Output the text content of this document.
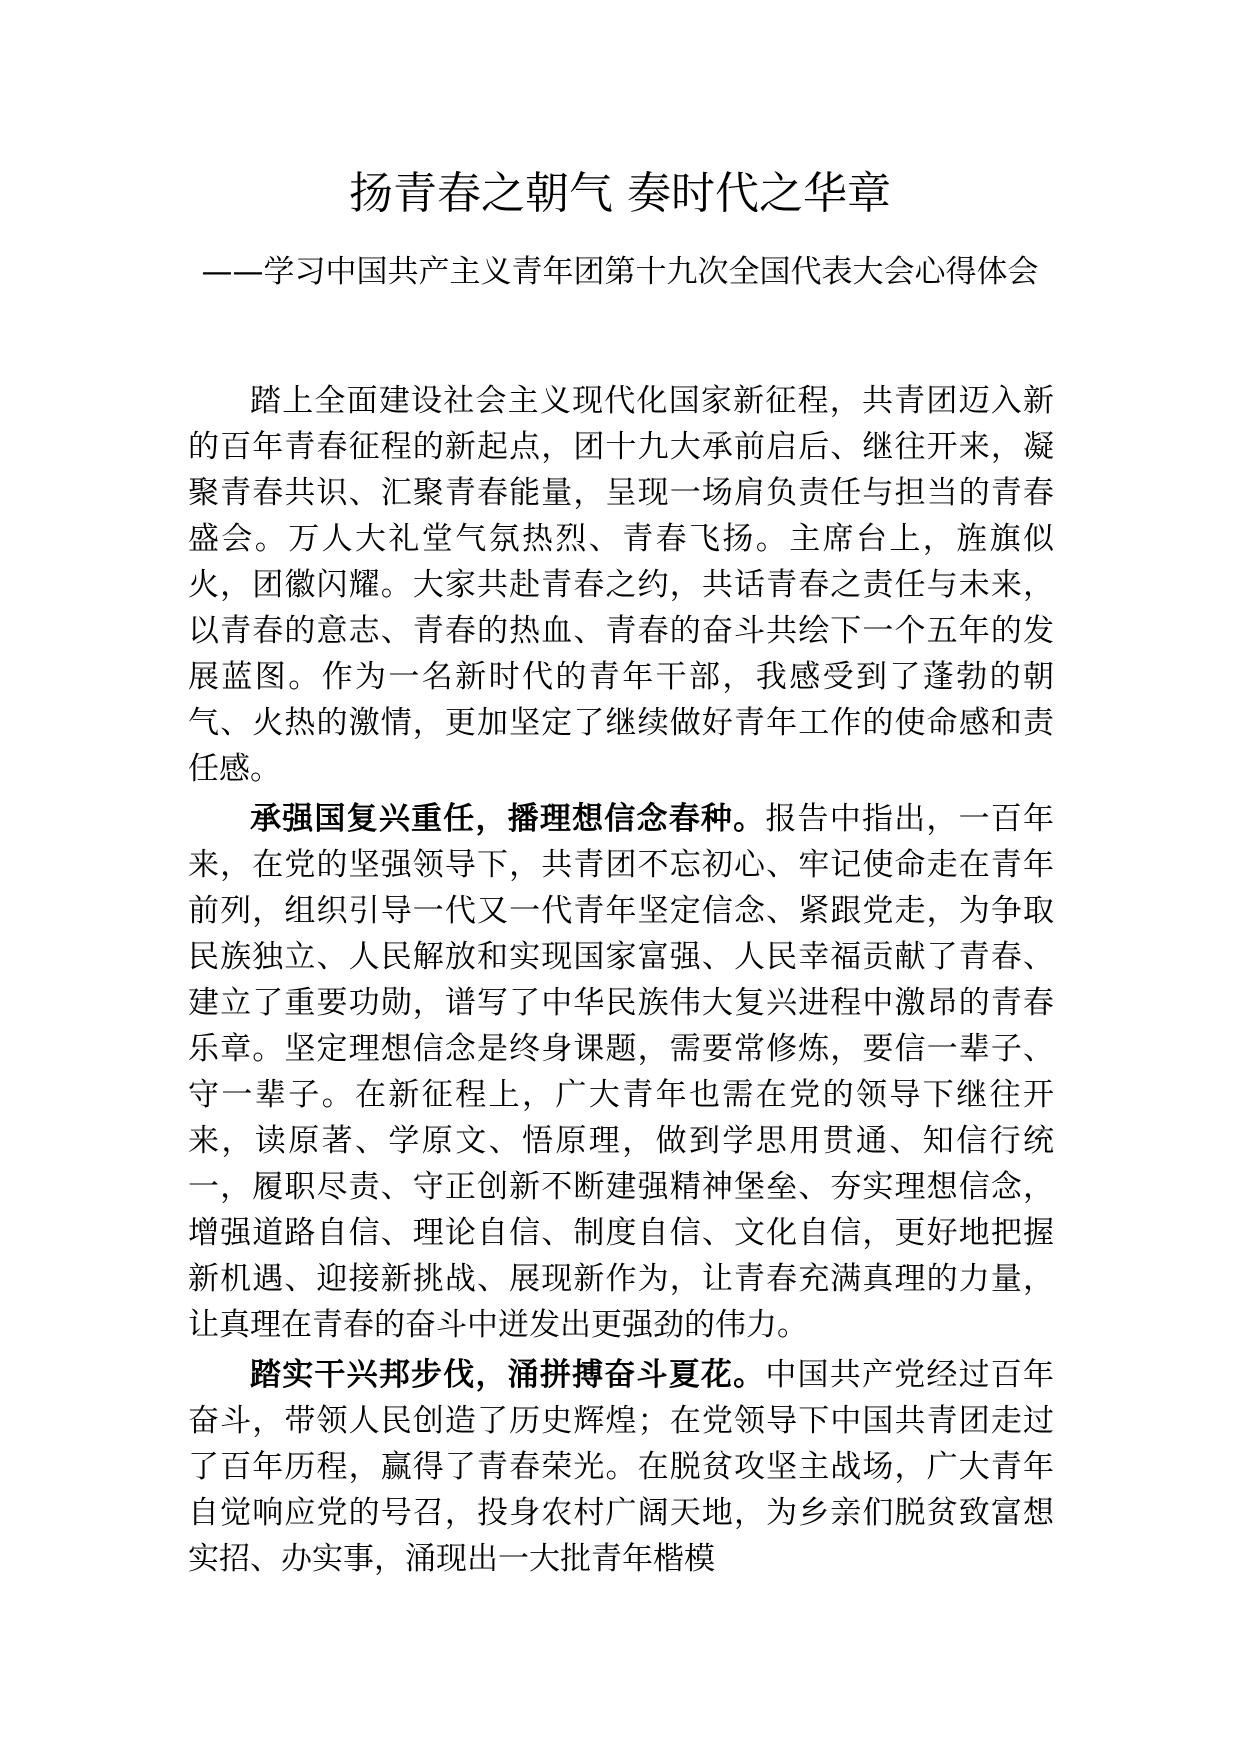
扬青春之朝气 奏时代之华章
——学习中国共产主义青年团第十九次全国代表大会心得体会

踏上全面建设社会主义现代化国家新征程，共青团迈入新的百年青春征程的新起点，团十九大承前启后、继往开来，凝聚青春共识、汇聚青春能量，呈现一场肩负责任与担当的青春盛会。万人大礼堂气氛热烈、青春飞扬。主席台上，旌旗似火，团徽闪耀。大家共赴青春之约，共话青春之责任与未来，以青春的意志、青春的热血、青春的奋斗共绘下一个五年的发展蓝图。作为一名新时代的青年干部，我感受到了蓬勃的朝气、火热的激情，更加坚定了继续做好青年工作的使命感和责任感。

承强国复兴重任，播理想信念春种。报告中指出，一百年来，在党的坚强领导下，共青团不忘初心、牢记使命走在青年前列，组织引导一代又一代青年坚定信念、紧跟党走，为争取民族独立、人民解放和实现国家富强、人民幸福贡献了青春、建立了重要功勋，谱写了中华民族伟大复兴进程中激昂的青春乐章。坚定理想信念是终身课题，需要常修炼，要信一辈子、守一辈子。在新征程上，广大青年也需在党的领导下继往开来，读原著、学原文、悟原理，做到学思用贯通、知信行统一，履职尽责、守正创新不断建强精神堡垒、夯实理想信念，增强道路自信、理论自信、制度自信、文化自信，更好地把握新机遇、迎接新挑战、展现新作为，让青春充满真理的力量，让真理在青春的奋斗中迸发出更强劲的伟力。

踏实干兴邦步伐，涌拼搏奋斗夏花。中国共产党经过百年奋斗，带领人民创造了历史辉煌；在党领导下中国共青团走过了百年历程，赢得了青春荣光。在脱贫攻坚主战场，广大青年自觉响应党的号召，投身农村广阔天地，为乡亲们脱贫致富想实招、办实事，涌现出一大批青年楷模
